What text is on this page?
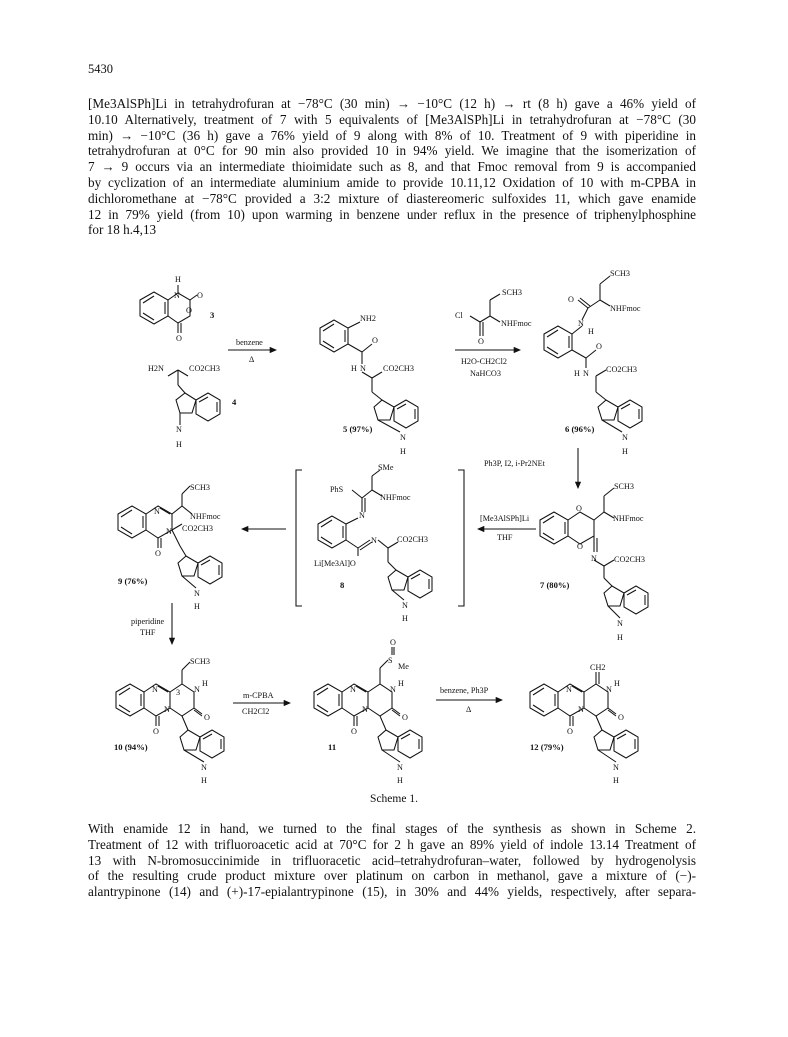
5430

[Me3AlSPh]Li in tetrahydrofuran at −78°C (30 min) → −10°C (12 h) → rt (8 h) gave a 46% yield of
10.10 Alternatively, treatment of 7 with 5 equivalents of [Me3AlSPh]Li in tetrahydrofuran at −78°C (30
min) → −10°C (36 h) gave a 76% yield of 9 along with 8% of 10. Treatment of 9 with piperidine in
tetrahydrofuran at 0°C for 90 min also provided 10 in 94% yield. We imagine that the isomerization of
7 → 9 occurs via an intermediate thioimidate such as 8, and that Fmoc removal from 9 is accompanied
by cyclization of an intermediate aluminium amide to provide 10.11,12 Oxidation of 10 with m-CPBA in
dichloromethane at −78°C provided a 3:2 mixture of diastereomeric sulfoxides 11, which gave enamide
12 in 79% yield (from 10) upon warming in benzene under reflux in the presence of triphenylphosphine
for 18 h.4,13

H
N O
O
O
3
H2N	CO2CH3
N
H
4
benzene
Δ
NH2
O
H N CO2CH3
N
H
5 (97%)
Cl
SCH3
NHFmoc
O
H2O-CH2Cl2
NaHCO3
SCH3
O
NHFmoc
N
H
O
H N CO2CH3
N
H
6 (96%)
Ph3P, I2, i-Pr2NEt
SCH3
O
NHFmoc
O
N CO2CH3
N
H
7 (80%)
[Me3AlSPh]Li
THF
SMe
PhS
NHFmoc
N
N CO2CH3
Li[Me3Al]O
N
H
8
SCH3
N
NHFmoc
N CO2CH3
O
N
H
9 (76%)
piperidine
THF
SCH3
N 3 N
H
N
O
O
N
H
10 (94%)
m-CPBA
CH2Cl2
O
S
Me
N	N
H
N
O
O
N
H
11
benzene, Ph3P
Δ
CH2
N	N
H
N
O
O
N
H
12 (79%)
Scheme 1.

With enamide 12 in hand, we turned to the final stages of the synthesis as shown in Scheme 2.
Treatment of 12 with trifluoroacetic acid at 70°C for 2 h gave an 89% yield of indole 13.14 Treatment of
13 with N-bromosuccinimide in trifluoracetic acid–tetrahydrofuran–water, followed by hydrogenolysis
of the resulting crude product mixture over platinum on carbon in methanol, gave a mixture of (−)-
alantrypinone (14) and (+)-17-epialantrypinone (15), in 30% and 44% yields, respectively, after separa-
